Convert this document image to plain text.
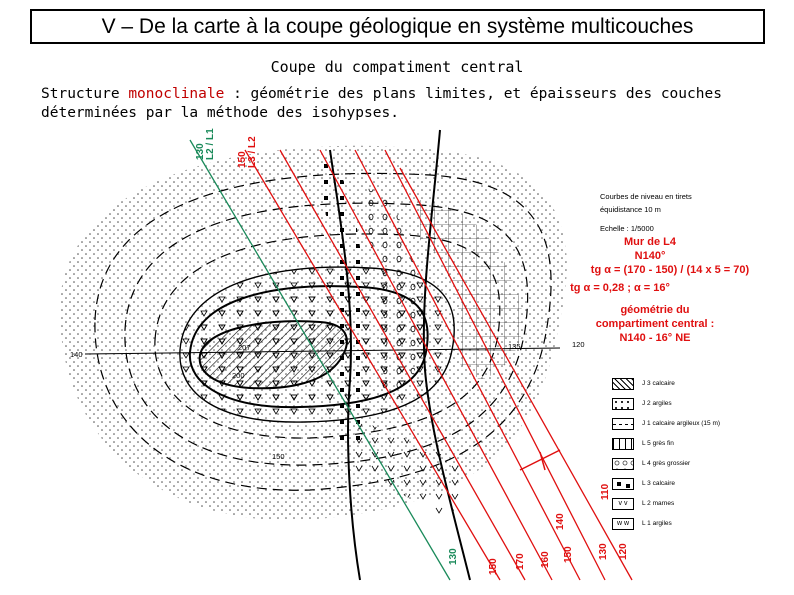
V – De la carte à la coupe géologique en système multicouches
Coupe du compatiment central
Structure monoclinale : géométrie des plans limites, et épaisseurs des couches
déterminées par la méthode des isohypses.
130
L2 / L1
150
L3 / L2
207
200
150
140
135	120
130
150 170 160 150
140
130 120
110
Courbes de niveau en tirets
équidistance 10 m
Echelle : 1/5000
Mur de L4
N140°
tg α = (170 - 150) / (14 x 5 = 70)
tg α = 0,28 ; α = 16°
géométrie du
compartiment central :
N140 - 16° NE
J 3 calcaire
J 2 argiles
J 1 calcaire argileux (15 m)
L 5 grès fin
L 4 grès grossier
L 3 calcaire
v v	L 2 marnes
w w	L 1 argiles
